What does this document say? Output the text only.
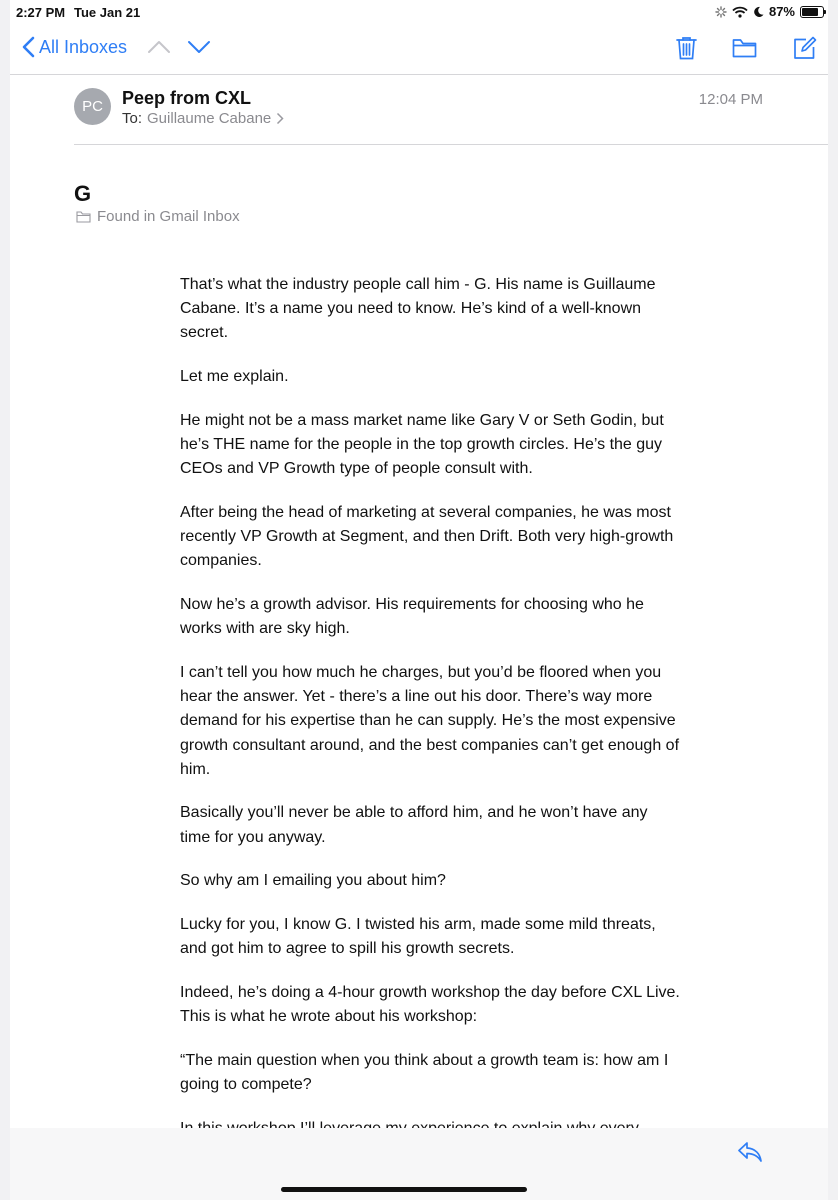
2:27 PM Tue Jan 21	87%
All Inboxes
PC	Peep from CXL
To: Guillaume Cabane
12:04 PM
G
Found in Gmail Inbox

That’s what the industry people call him - G. His name is Guillaume Cabane. It’s a name you need to know. He’s kind of a well-known secret.

Let me explain.

He might not be a mass market name like Gary V or Seth Godin, but he’s THE name for the people in the top growth circles. He’s the guy CEOs and VP Growth type of people consult with.

After being the head of marketing at several companies, he was most recently VP Growth at Segment, and then Drift. Both very high-growth companies.

Now he’s a growth advisor. His requirements for choosing who he works with are sky high.

I can’t tell you how much he charges, but you’d be floored when you hear the answer. Yet - there’s a line out his door. There’s way more demand for his expertise than he can supply. He’s the most expensive growth consultant around, and the best companies can’t get enough of him.

Basically you’ll never be able to afford him, and he won’t have any time for you anyway.

So why am I emailing you about him?

Lucky for you, I know G. I twisted his arm, made some mild threats, and got him to agree to spill his growth secrets.

Indeed, he’s doing a 4-hour growth workshop the day before CXL Live. This is what he wrote about his workshop:

“The main question when you think about a growth team is: how am I going to compete?
